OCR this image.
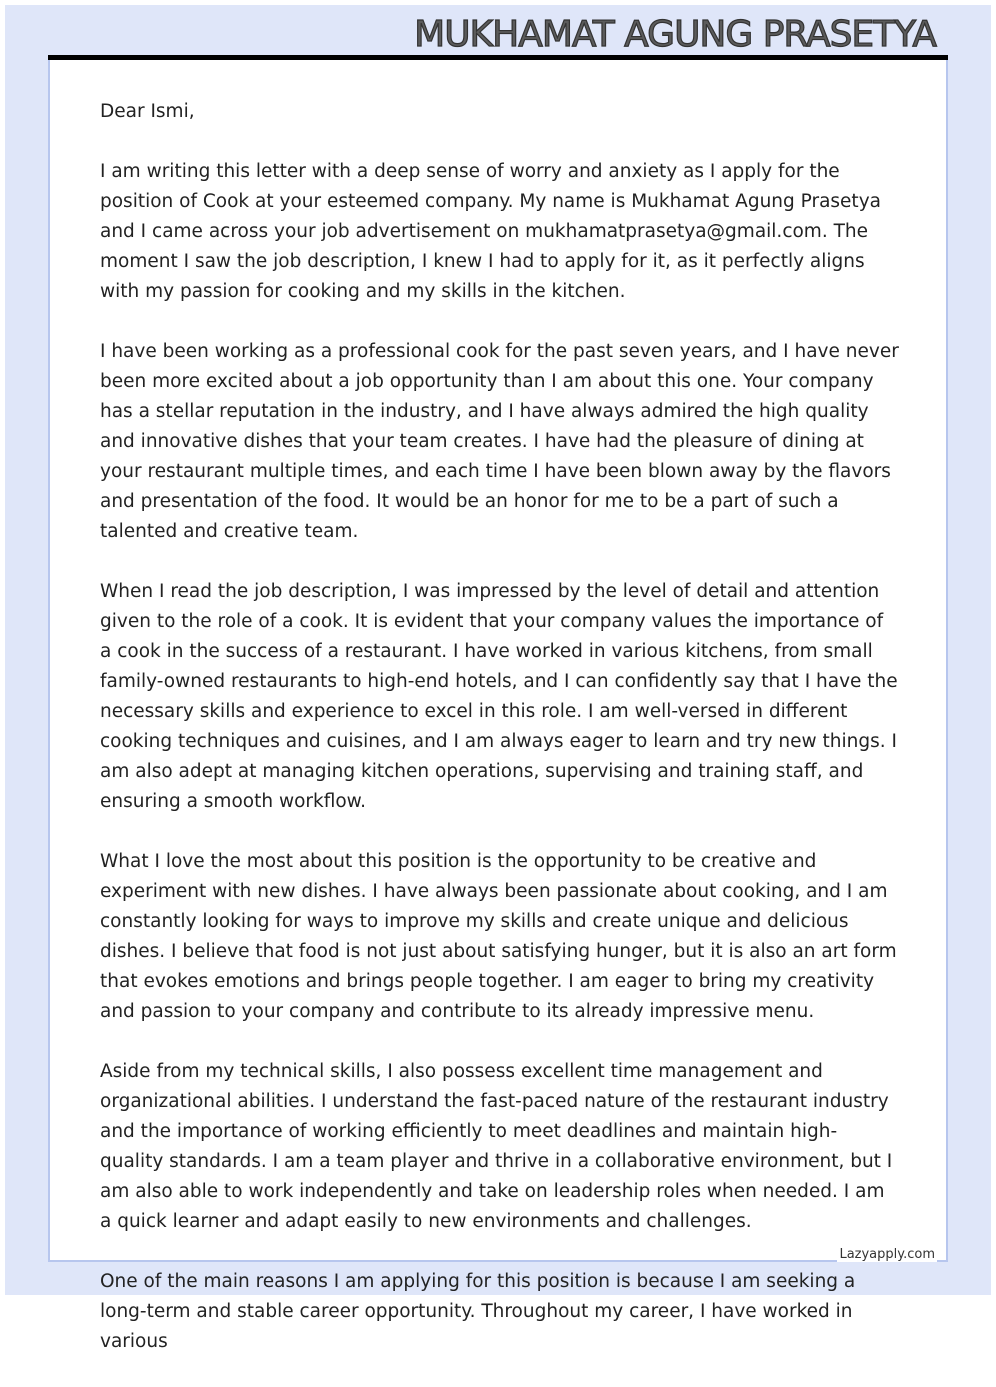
MUKHAMAT AGUNG PRASETYA

Dear Ismi,

I am writing this letter with a deep sense of worry and anxiety as I apply for the position of Cook at your esteemed company. My name is Mukhamat Agung Prasetya and I came across your job advertisement on mukhamatprasetya@gmail.com. The moment I saw the job description, I knew I had to apply for it, as it perfectly aligns with my passion for cooking and my skills in the kitchen.

I have been working as a professional cook for the past seven years, and I have never been more excited about a job opportunity than I am about this one. Your company has a stellar reputation in the industry, and I have always admired the high quality and innovative dishes that your team creates. I have had the pleasure of dining at your restaurant multiple times, and each time I have been blown away by the flavors and presentation of the food. It would be an honor for me to be a part of such a talented and creative team.

When I read the job description, I was impressed by the level of detail and attention given to the role of a cook. It is evident that your company values the importance of a cook in the success of a restaurant. I have worked in various kitchens, from small family-owned restaurants to high-end hotels, and I can confidently say that I have the necessary skills and experience to excel in this role. I am well-versed in different cooking techniques and cuisines, and I am always eager to learn and try new things. I am also adept at managing kitchen operations, supervising and training staff, and ensuring a smooth workflow.

What I love the most about this position is the opportunity to be creative and experiment with new dishes. I have always been passionate about cooking, and I am constantly looking for ways to improve my skills and create unique and delicious dishes. I believe that food is not just about satisfying hunger, but it is also an art form that evokes emotions and brings people together. I am eager to bring my creativity and passion to your company and contribute to its already impressive menu.

Aside from my technical skills, I also possess excellent time management and organizational abilities. I understand the fast-paced nature of the restaurant industry and the importance of working efficiently to meet deadlines and maintain high-quality standards. I am a team player and thrive in a collaborative environment, but I am also able to work independently and take on leadership roles when needed. I am a quick learner and adapt easily to new environments and challenges.

One of the main reasons I am applying for this position is because I am seeking a long-term and stable career opportunity. Throughout my career, I have worked in various

Lazyapply.com
